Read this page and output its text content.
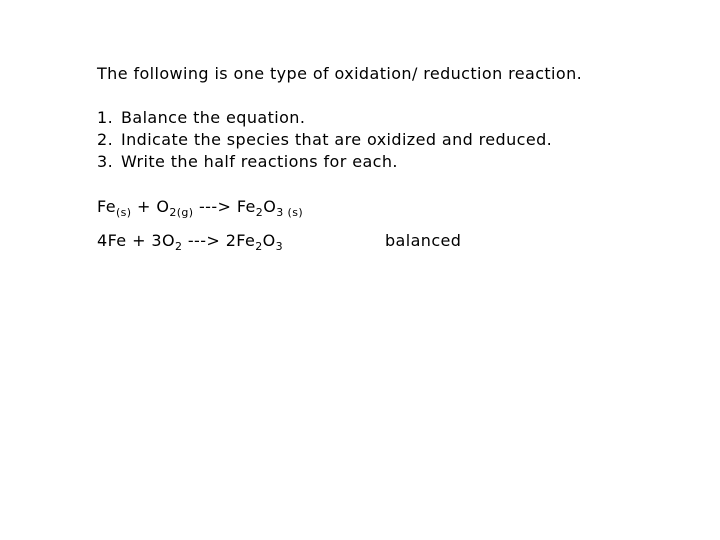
The following is one type of oxidation/ reduction reaction.
1. Balance the equation.
2. Indicate the species that are oxidized and reduced.
3. Write the half reactions for each.
$Fe_{(s)} + O_{2(g)}$ ---> $Fe_2O_{3 (s)}$
$4Fe + 3O_2$ ---> $2Fe_2O_3$	balanced
